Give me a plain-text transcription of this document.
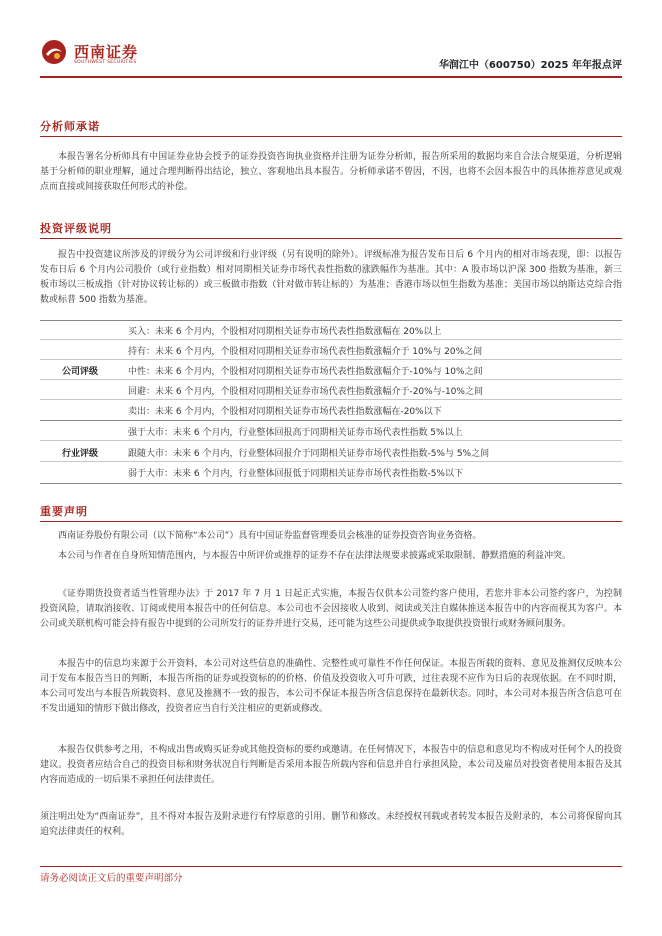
西南证券
SOUTHWEST SECURITIES	华润江中（600750）2025 年年报点评
分析师承诺

本报告署名分析师具有中国证券业协会授予的证券投资咨询执业资格并注册为证券分析师，报告所采用的数据均来自合法合规渠道，分析逻辑基于分析师的职业理解，通过合理判断得出结论，独立、客观地出具本报告。分析师承诺不曾因，不因，也将不会因本报告中的具体推荐意见或观点而直接或间接获取任何形式的补偿。

投资评级说明

报告中投资建议所涉及的评级分为公司评级和行业评级（另有说明的除外）。评级标准为报告发布日后 6 个月内的相对市场表现，即：以报告发布日后 6 个月内公司股价（或行业指数）相对同期相关证券市场代表性指数的涨跌幅作为基准。其中：A 股市场以沪深 300 指数为基准，新三板市场以三板成指（针对协议转让标的）或三板做市指数（针对做市转让标的）为基准；香港市场以恒生指数为基准；美国市场以纳斯达克综合指数或标普 500 指数为基准。

公司评级
买入：未来 6 个月内，个股相对同期相关证券市场代表性指数涨幅在 20%以上
持有：未来 6 个月内，个股相对同期相关证券市场代表性指数涨幅介于 10%与 20%之间
中性：未来 6 个月内，个股相对同期相关证券市场代表性指数涨幅介于-10%与 10%之间
回避：未来 6 个月内，个股相对同期相关证券市场代表性指数涨幅介于-20%与-10%之间
卖出：未来 6 个月内，个股相对同期相关证券市场代表性指数涨幅在-20%以下
行业评级
强于大市：未来 6 个月内，行业整体回报高于同期相关证券市场代表性指数 5%以上
跟随大市：未来 6 个月内，行业整体回报介于同期相关证券市场代表性指数-5%与 5%之间
弱于大市：未来 6 个月内，行业整体回报低于同期相关证券市场代表性指数-5%以下
重要声明

西南证券股份有限公司（以下简称“本公司”）具有中国证券监督管理委员会核准的证券投资咨询业务资格。

本公司与作者在自身所知情范围内，与本报告中所评价或推荐的证券不存在法律法规要求披露或采取限制、静默措施的利益冲突。

《证券期货投资者适当性管理办法》于 2017 年 7 月 1 日起正式实施，本报告仅供本公司签约客户使用，若您并非本公司签约客户，为控制投资风险，请取消接收、订阅或使用本报告中的任何信息。本公司也不会因接收人收到、阅读或关注自媒体推送本报告中的内容而视其为客户。本公司或关联机构可能会持有报告中提到的公司所发行的证券并进行交易，还可能为这些公司提供或争取提供投资银行或财务顾问服务。

本报告中的信息均来源于公开资料，本公司对这些信息的准确性、完整性或可靠性不作任何保证。本报告所载的资料、意见及推测仅反映本公司于发布本报告当日的判断，本报告所指的证券或投资标的的价格、价值及投资收入可升可跌，过往表现不应作为日后的表现依据。在不同时期，本公司可发出与本报告所载资料、意见及推测不一致的报告，本公司不保证本报告所含信息保持在最新状态。同时，本公司对本报告所含信息可在不发出通知的情形下做出修改，投资者应当自行关注相应的更新或修改。

本报告仅供参考之用，不构成出售或购买证券或其他投资标的要约或邀请。在任何情况下，本报告中的信息和意见均不构成对任何个人的投资建议。投资者应结合自己的投资目标和财务状况自行判断是否采用本报告所载内容和信息并自行承担风险，本公司及雇员对投资者使用本报告及其内容而造成的一切后果不承担任何法律责任。

须注明出处为“西南证券”，且不得对本报告及附录进行有悖原意的引用、删节和修改。未经授权刊载或者转发本报告及附录的，本公司将保留向其追究法律责任的权利。

请务必阅读正文后的重要声明部分
